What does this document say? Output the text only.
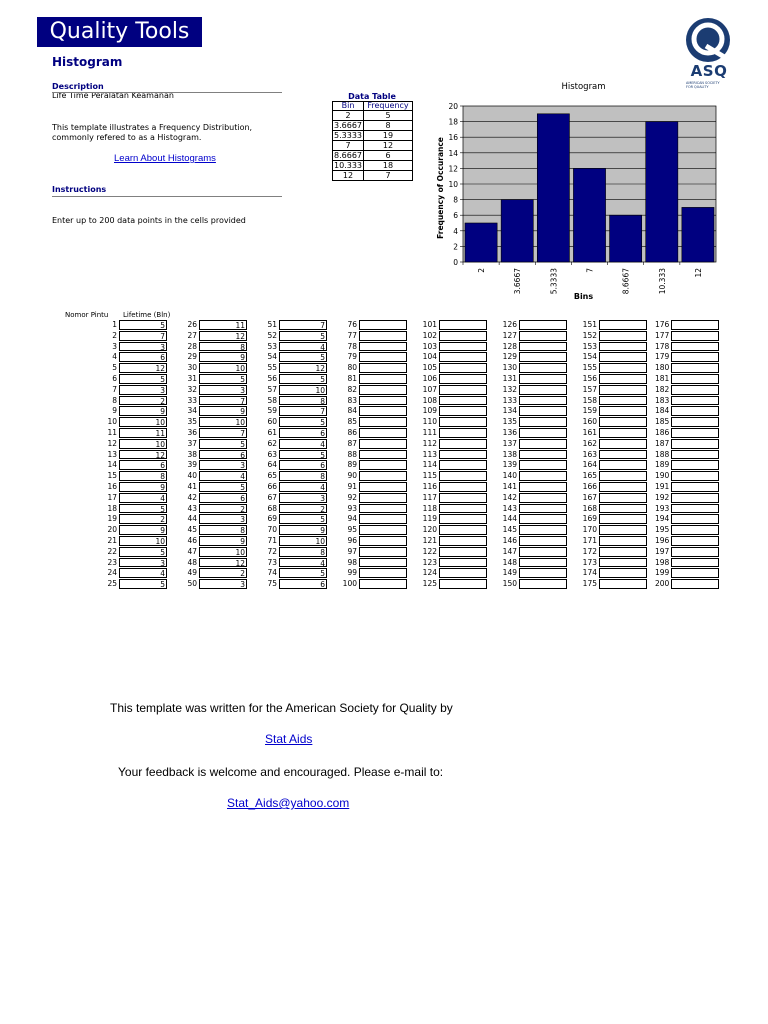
Quality Tools
Histogram
Description
Life Time Peralatan Keamanan
This template illustrates a Frequency Distribution,
commonly refered to as a Histogram.
Learn About Histograms
Instructions
Enter up to 200 data points in the cells provided
ASQ
AMERICAN SOCIETY
FOR QUALITY
Data Table
Bin	Frequency
2	5
3.6667	8
5.3333	19
7	12
8.6667	6
10.333	18
12	7
0
2
4
6
8
10
12
14
16
18
20
2	3.6667	5.3333	7	8.6667	10.333	12
Histogram
Bins
Frequency of Occurance
Nomor Pintu Lifetime (Bln)
1	5
2	7
3	3
4	6
5	12
6	5
7	3
8	2
9	9
10	10
11	11
12	10
13	12
14	6
15	8
16	9
17	4
18	5
19	2
20	9
21	10
22	5
23	3
24	4
25	5
26	11
27	12
28	8
29	9
30	10
31	5
32	3
33	7
34	9
35	10
36	7
37	5
38	6
39	3
40	4
41	5
42	6
43	2
44	3
45	8
46	9
47	10
48	12
49	2
50	3
51	7
52	5
53	4
54	5
55	12
56	5
57	10
58	8
59	7
60	5
61	6
62	4
63	5
64	6
65	8
66	4
67	3
68	2
69	5
70	9
71	10
72	8
73	4
74	5
75	6
76
77
78
79
80
81
82
83
84
85
86
87
88
89
90
91
92
93
94
95
96
97
98
99
100
101
102
103
104
105
106
107
108
109
110
111
112
113
114
115
116
117
118
119
120
121
122
123
124
125
126
127
128
129
130
131
132
133
134
135
136
137
138
139
140
141
142
143
144
145
146
147
148
149
150
151
152
153
154
155
156
157
158
159
160
161
162
163
164
165
166
167
168
169
170
171
172
173
174
175
176
177
178
179
180
181
182
183
184
185
186
187
188
189
190
191
192
193
194
195
196
197
198
199
200
This template was written for the American Society for Quality by
Stat Aids
Your feedback is welcome and encouraged. Please e-mail to:
Stat_Aids@yahoo.com
